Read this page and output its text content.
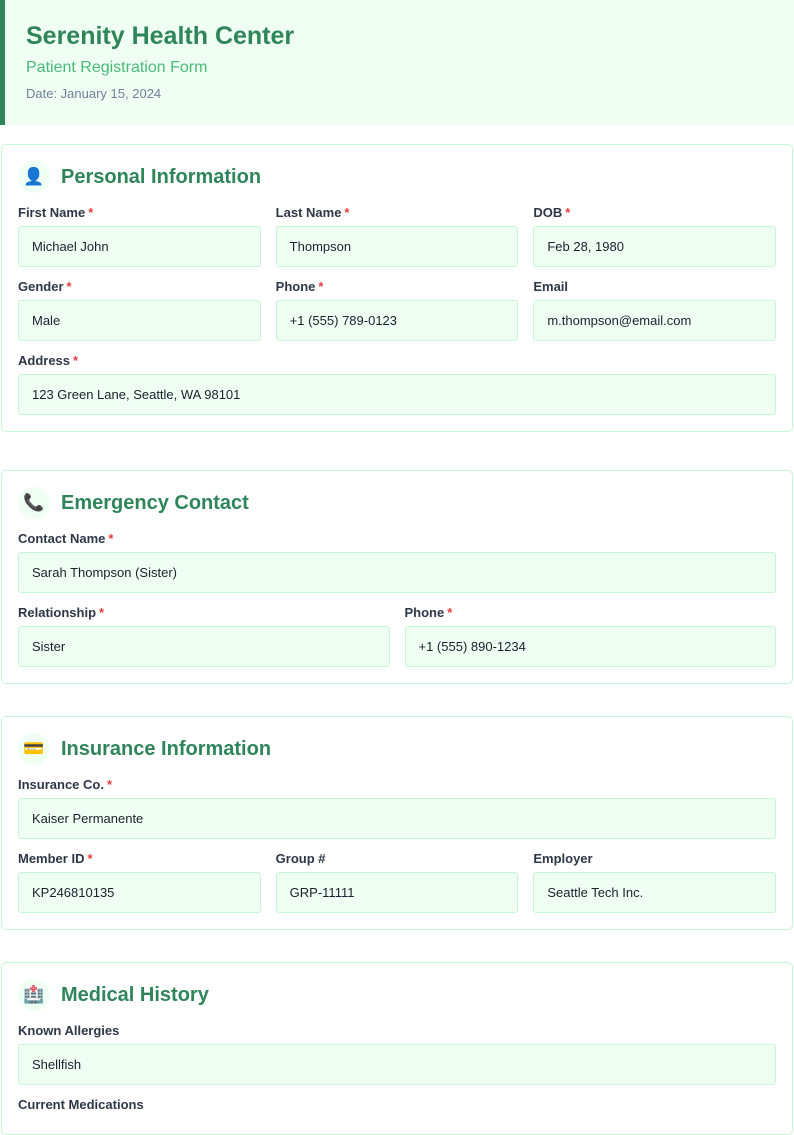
Serenity Health Center
Patient Registration Form
Date: January 15, 2024
👤 Personal Information
First Name *
Michael John
Last Name *
Thompson
DOB *
Feb 28, 1980
Gender *
Male
Phone *
+1 (555) 789-0123
Email
m.thompson@email.com
Address *
123 Green Lane, Seattle, WA 98101
📞 Emergency Contact
Contact Name *
Sarah Thompson (Sister)
Relationship *
Sister
Phone *
+1 (555) 890-1234
💳 Insurance Information
Insurance Co. *
Kaiser Permanente
Member ID *
KP246810135
Group #
GRP-11111
Employer
Seattle Tech Inc.
🏥 Medical History
Known Allergies
Shellfish
Current Medications
